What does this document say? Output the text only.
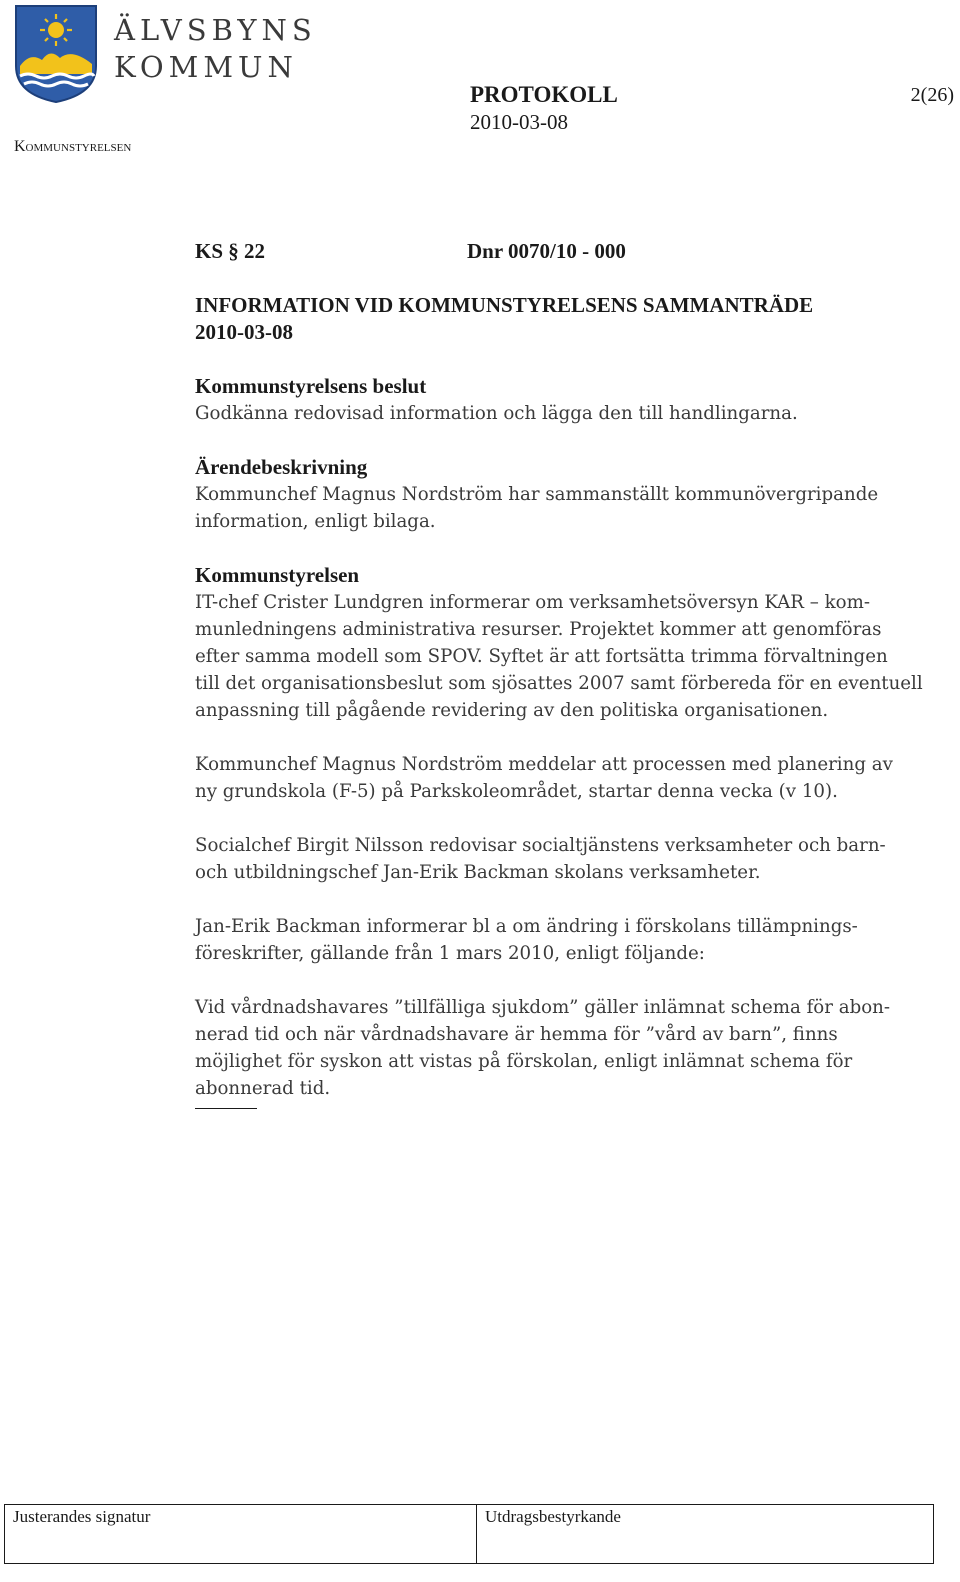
ÄLVSBYNS
KOMMUN
Kommunstyrelsen
PROTOKOLL
2010-03-08
2(26)
KS § 22	Dnr 0070/10 - 000
INFORMATION VID KOMMUNSTYRELSENS SAMMANTRÄDE
2010-03-08
Kommunstyrelsens beslut

Godkänna redovisad information och lägga den till handlingarna.

Ärendebeskrivning

Kommunchef Magnus Nordström har sammanställt kommunövergripande
information, enligt bilaga.

Kommunstyrelsen

IT-chef Crister Lundgren informerar om verksamhetsöversyn KAR – kom-
munledningens administrativa resurser. Projektet kommer att genomföras
efter samma modell som SPOV. Syftet är att fortsätta trimma förvaltningen
till det organisationsbeslut som sjösattes 2007 samt förbereda för en eventuell
anpassning till pågående revidering av den politiska organisationen.

Kommunchef Magnus Nordström meddelar att processen med planering av
ny grundskola (F-5) på Parkskoleområdet, startar denna vecka (v 10).

Socialchef Birgit Nilsson redovisar socialtjänstens verksamheter och barn-
och utbildningschef Jan-Erik Backman skolans verksamheter.

Jan-Erik Backman informerar bl a om ändring i förskolans tillämpnings-
föreskrifter, gällande från 1 mars 2010, enligt följande:

Vid vårdnadshavares ”tillfälliga sjukdom” gäller inlämnat schema för abon-
nerad tid och när vårdnadshavare är hemma för ”vård av barn”, finns
möjlighet för syskon att vistas på förskolan, enligt inlämnat schema för
abonnerad tid.

Justerandes signatur	Utdragsbestyrkande
